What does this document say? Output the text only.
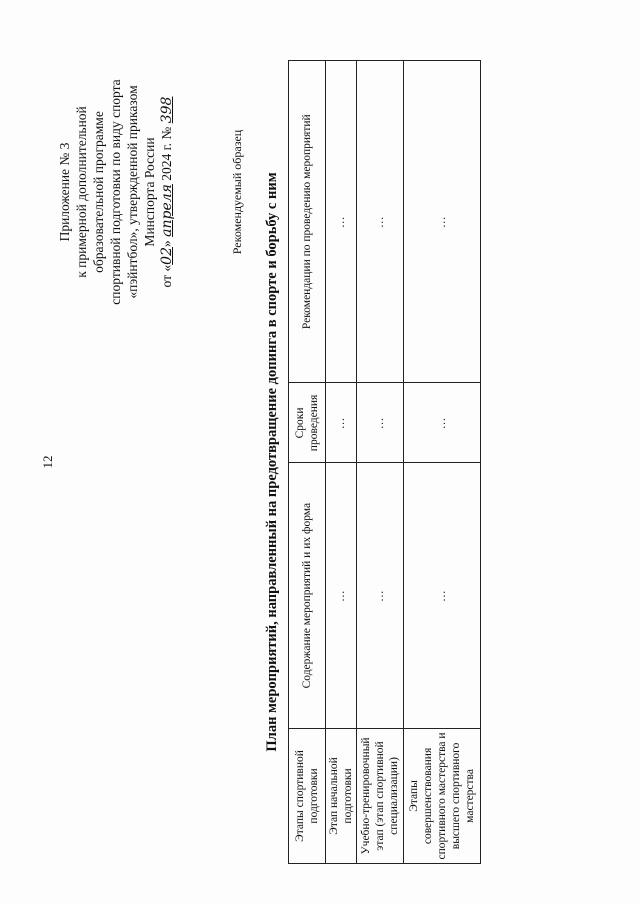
12
Приложение № 3 к примерной дополнительной образовательной программе спортивной подготовки по виду спорта «пэйнтбол», утвержденной приказом Минспорта России
от «02» апреля 2024 г. № 398
Рекомендуемый образец План мероприятий, направленный на предотвращение допинга в спорте и борьбу с ним
Этапы спортивной подготовки	Содержание мероприятий и их форма	Сроки проведения	Рекомендации по проведению мероприятий
Этап начальной подготовки	…	…	…
Учебно-тренировочный этап (этап спортивной специализации)	…	…	…
Этапы совершенствования спортивного мастерства и высшего спортивного мастерства	…	…	…
